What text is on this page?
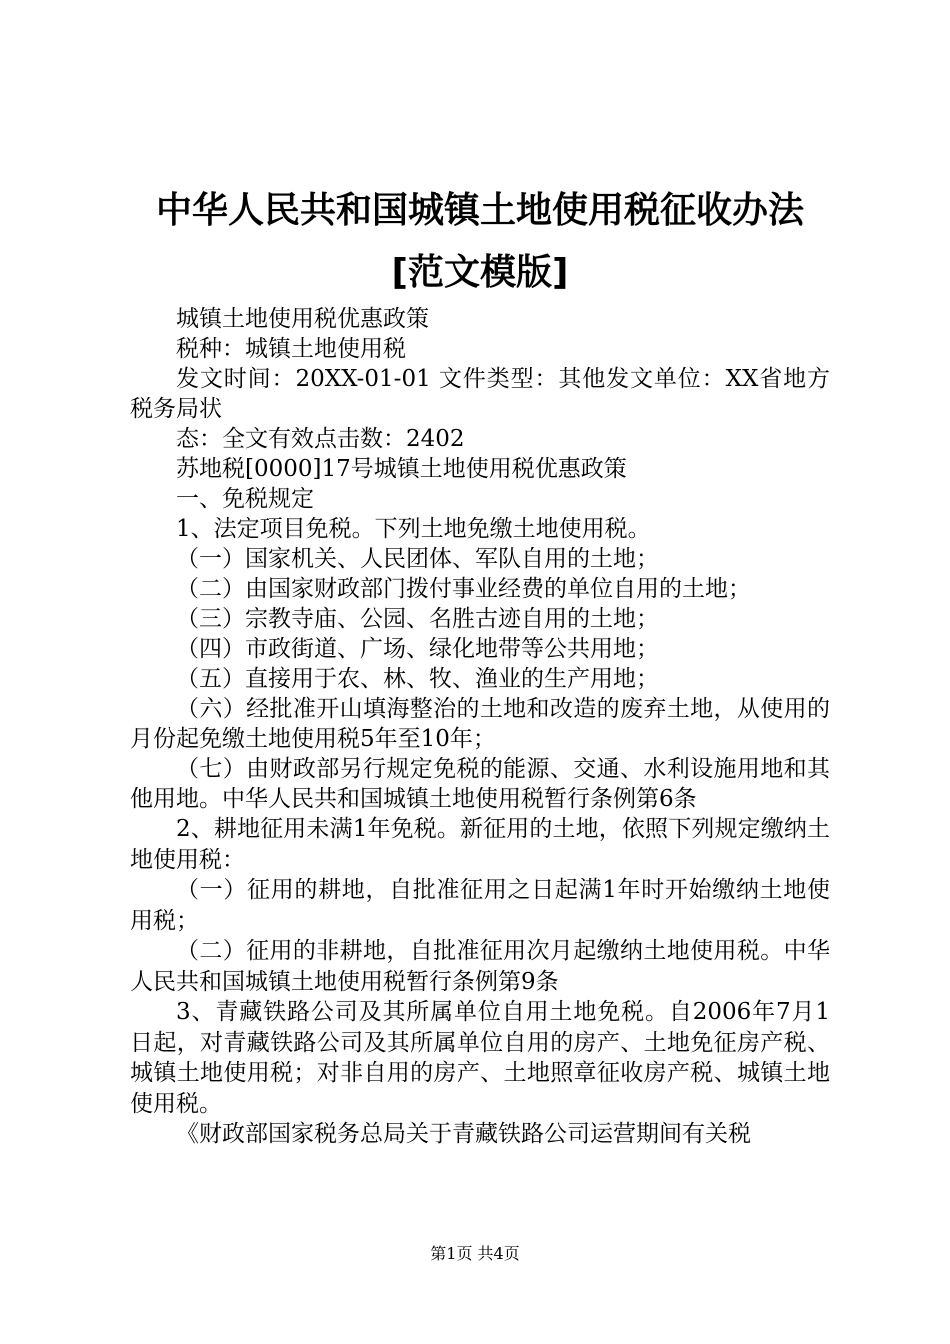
中华人民共和国城镇土地使用税征收办法[范文模版]

城镇土地使用税优惠政策

税种：城镇土地使用税

发文时间：20XX-01-01 文件类型：其他发文单位：XX省地方税务局状

态：全文有效点击数：2402

苏地税[0000]17号城镇土地使用税优惠政策

一、免税规定

1、法定项目免税。下列土地免缴土地使用税。

（一）国家机关、人民团体、军队自用的土地；

（二）由国家财政部门拨付事业经费的单位自用的土地；

（三）宗教寺庙、公园、名胜古迹自用的土地；

（四）市政街道、广场、绿化地带等公共用地；

（五）直接用于农、林、牧、渔业的生产用地；

（六）经批准开山填海整治的土地和改造的废弃土地，从使用的月份起免缴土地使用税5年至10年；

（七）由财政部另行规定免税的能源、交通、水利设施用地和其他用地。中华人民共和国城镇土地使用税暂行条例第6条

2、耕地征用未满1年免税。新征用的土地，依照下列规定缴纳土地使用税：

（一）征用的耕地，自批准征用之日起满1年时开始缴纳土地使用税；

（二）征用的非耕地，自批准征用次月起缴纳土地使用税。中华人民共和国城镇土地使用税暂行条例第9条

3、青藏铁路公司及其所属单位自用土地免税。自2006年7月1日起，对青藏铁路公司及其所属单位自用的房产、土地免征房产税、城镇土地使用税；对非自用的房产、土地照章征收房产税、城镇土地使用税。

《财政部国家税务总局关于青藏铁路公司运营期间有关税

第1页 共4页
